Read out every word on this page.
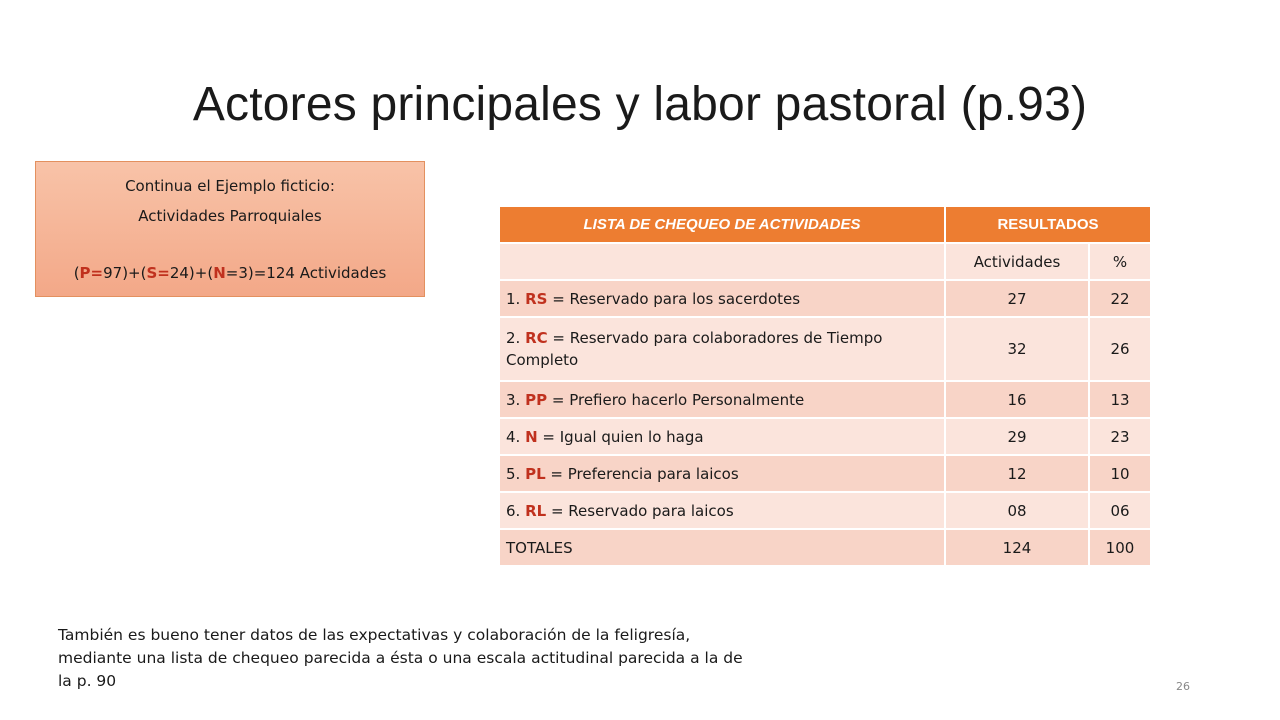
Actores principales y labor pastoral (p.93)
Continua el Ejemplo ficticio:
Actividades Parroquiales
(P=97)+(S=24)+(N=3)=124 Actividades
LISTA DE CHEQUEO DE ACTIVIDADES	RESULTADOS	
	Actividades	%
1. RS = Reservado para los sacerdotes	27	22
2. RC = Reservado para colaboradores de Tiempo Completo	32	26
3. PP = Prefiero hacerlo Personalmente	16	13
4. N = Igual quien lo haga	29	23
5. PL = Preferencia para laicos	12	10
6. RL = Reservado para laicos	08	06
TOTALES	124	100
También es bueno tener datos de las expectativas y colaboración de la feligresía, mediante una lista de chequeo parecida a ésta o una escala actitudinal parecida a la de la p. 90	26
